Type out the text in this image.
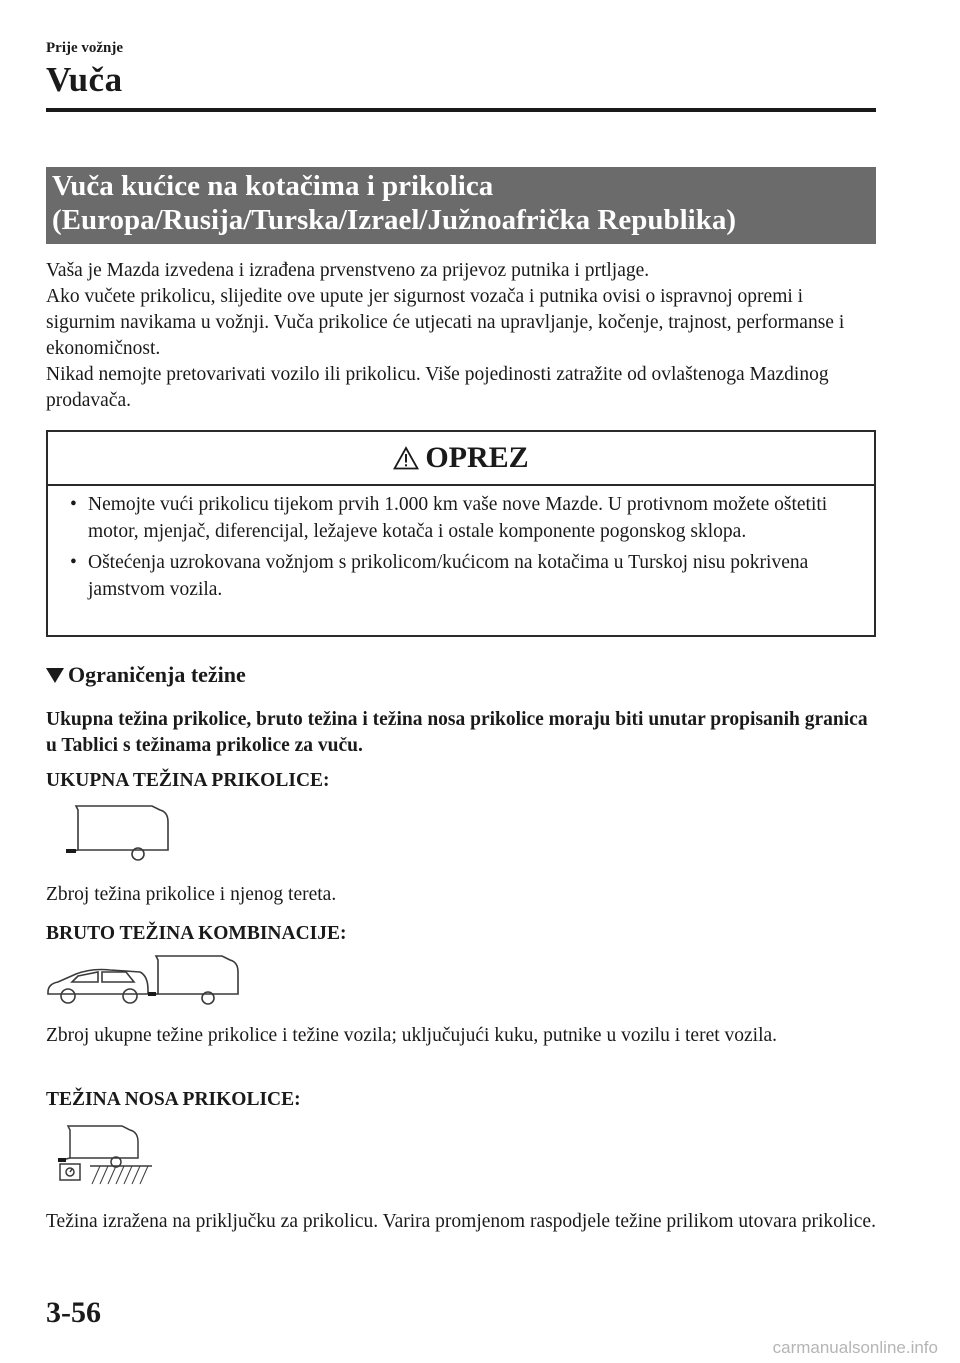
Prije vožnje
Vuča
Vuča kućice na kotačima i prikolica
(Europa/Rusija/Turska/Izrael/Južnoafrička Republika)

Vaša je Mazda izvedena i izrađena prvenstveno za prijevoz putnika i prtljage.

Ako vučete prikolicu, slijedite ove upute jer sigurnost vozača i putnika ovisi o ispravnoj opremi i sigurnim navikama u vožnji. Vuča prikolice će utjecati na upravljanje, kočenje, trajnost, performanse i ekonomičnost.

Nikad nemojte pretovarivati vozilo ili prikolicu. Više pojedinosti zatražite od ovlaštenoga Mazdinog prodavača.

OPREZ
• Nemojte vući prikolicu tijekom prvih 1.000 km vaše nove Mazde. U protivnom možete oštetiti motor, mjenjač, diferencijal, ležajeve kotača i ostale komponente pogonskog sklopa.
• Oštećenja uzrokovana vožnjom s prikolicom/kućicom na kotačima u Turskoj nisu pokrivena jamstvom vozila.
Ograničenja težine
Ukupna težina prikolice, bruto težina i težina nosa prikolice moraju biti unutar propisanih granica u Tablici s težinama prikolice za vuču.
UKUPNA TEŽINA PRIKOLICE:
Zbroj težina prikolice i njenog tereta.
BRUTO TEŽINA KOMBINACIJE:
Zbroj ukupne težine prikolice i težine vozila; uključujući kuku, putnike u vozilu i teret vozila.
TEŽINA NOSA PRIKOLICE:
Težina izražena na priključku za prikolicu. Varira promjenom raspodjele težine prilikom utovara prikolice.
3-56
carmanualsonline.info
